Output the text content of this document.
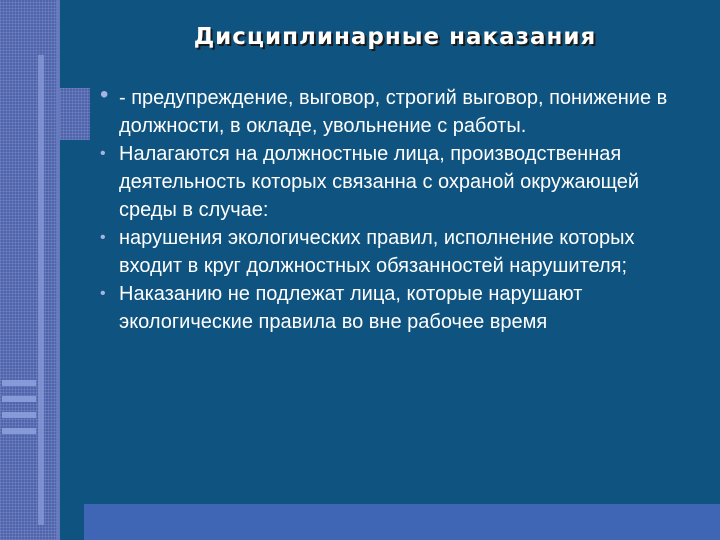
Дисциплинарные наказания
• - предупреждение, выговор, строгий выговор, понижение в должности, в окладе, увольнение с работы.
• Налагаются на должностные лица, производственная деятельность которых связанна с охраной окружающей среды в случае:
• нарушения экологических правил, исполнение которых входит в круг должностных обязанностей нарушителя;
• Наказанию не подлежат лица, которые нарушают экологические правила во вне рабочее время
